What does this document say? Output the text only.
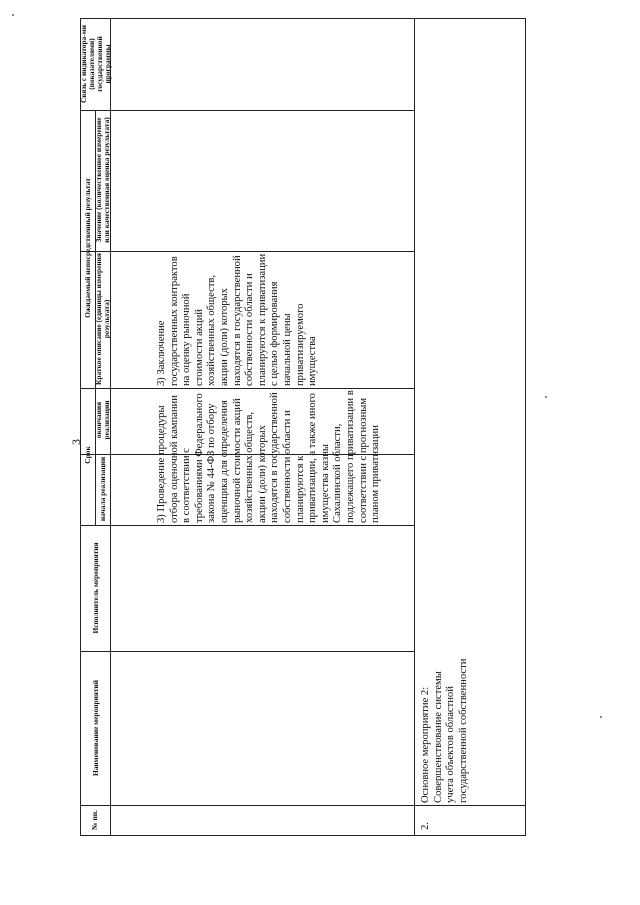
3
Связь с индикатора-ми (показателями) государственной программы
Ожидаемый непосредственный результат Значение (количественное измерение или качественная оценка результата)
Краткое описание (единицы измерения результата)
Срок
окончания реализации
начала реализации
Исполнитель мероприятия
Наименование мероприятий
№ пп.
3) Заключение государственных контрактов на оценку рыночной стоимости акций хозяйственных обществ, акции (доли) которых находятся в государственной собственности области и планируются к приватизации с целью формирования начальной цены приватизируемого имущества
3) Проведение процедуры отбора оценочной кампании в соответствии с требованиями Федерального закона № 44-ФЗ по отбору оценщика для определения рыночной стоимости акций хозяйственных обществ, акции (доли) которых находятся в государственной собственности области и планируются к приватизации, а также иного имущества казны Сахалинской области, подлежащего приватизации в соответствии с прогнозным планом приватизации
2.
Основное мероприятие 2: Совершенствование системы учета объектов областной государственной собственности
